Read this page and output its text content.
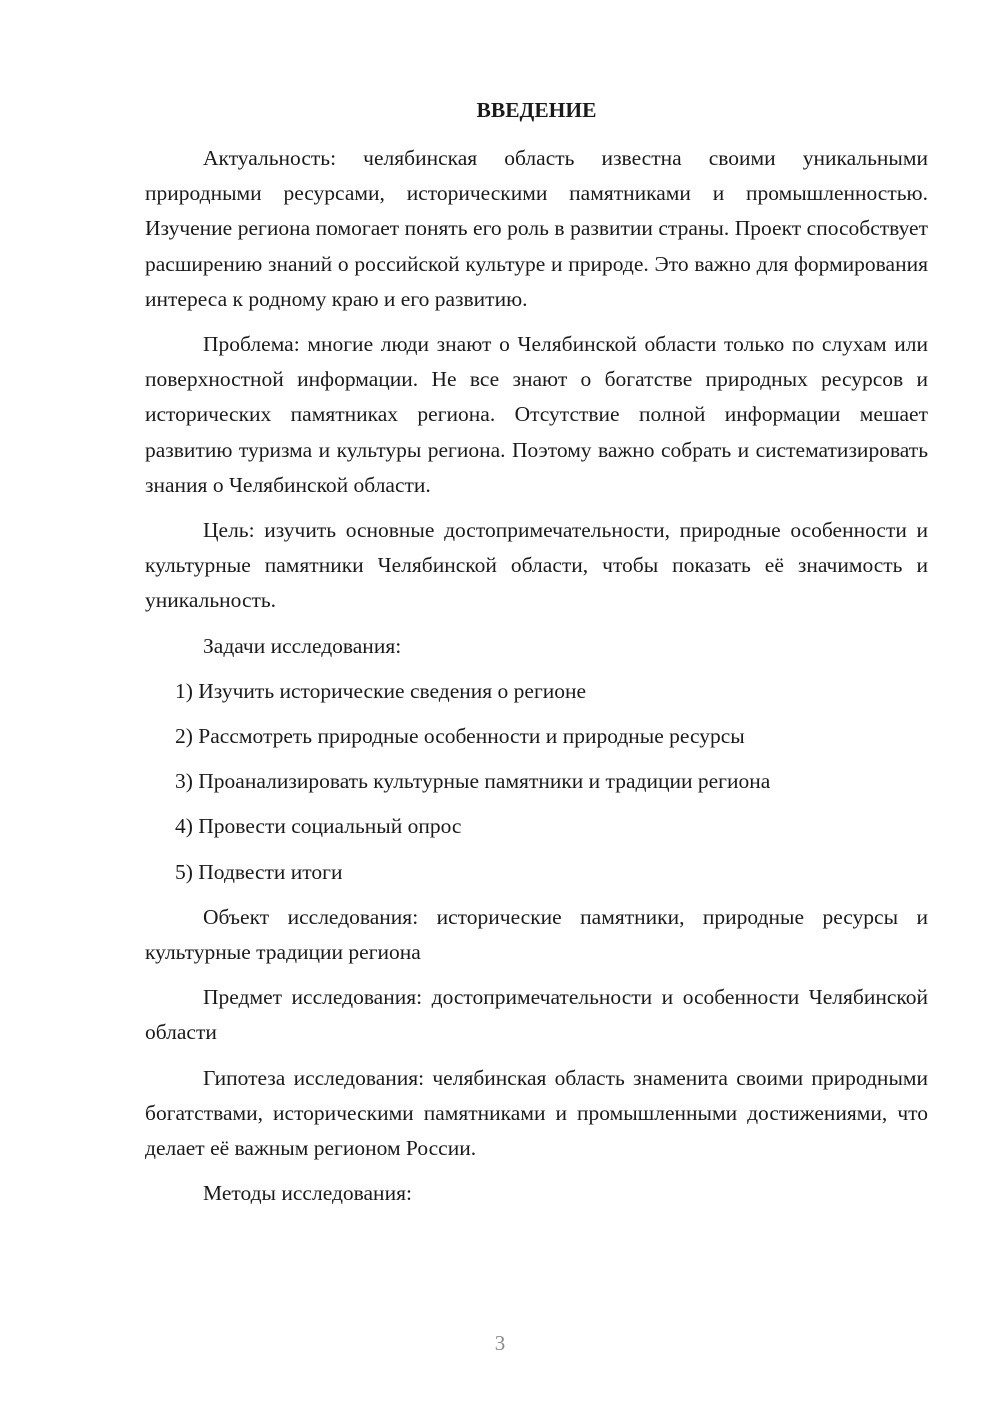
ВВЕДЕНИЕ

Актуальность: челябинская область известна своими уникальными природными ресурсами, историческими памятниками и промышленностью. Изучение региона помогает понять его роль в развитии страны. Проект способствует расширению знаний о российской культуре и природе. Это важно для формирования интереса к родному краю и его развитию.

Проблема: многие люди знают о Челябинской области только по слухам или поверхностной информации. Не все знают о богатстве природных ресурсов и исторических памятниках региона. Отсутствие полной информации мешает развитию туризма и культуры региона. Поэтому важно собрать и систематизировать знания о Челябинской области.

Цель: изучить основные достопримечательности, природные особенности и культурные памятники Челябинской области, чтобы показать её значимость и уникальность.

Задачи исследования:
1) Изучить исторические сведения о регионе
2) Рассмотреть природные особенности и природные ресурсы
3) Проанализировать культурные памятники и традиции региона
4) Провести социальный опрос
5) Подвести итоги

Объект исследования: исторические памятники, природные ресурсы и культурные традиции региона

Предмет исследования: достопримечательности и особенности Челябинской области

Гипотеза исследования: челябинская область знаменита своими природными богатствами, историческими памятниками и промышленными достижениями, что делает её важным регионом России.

Методы исследования:
3
